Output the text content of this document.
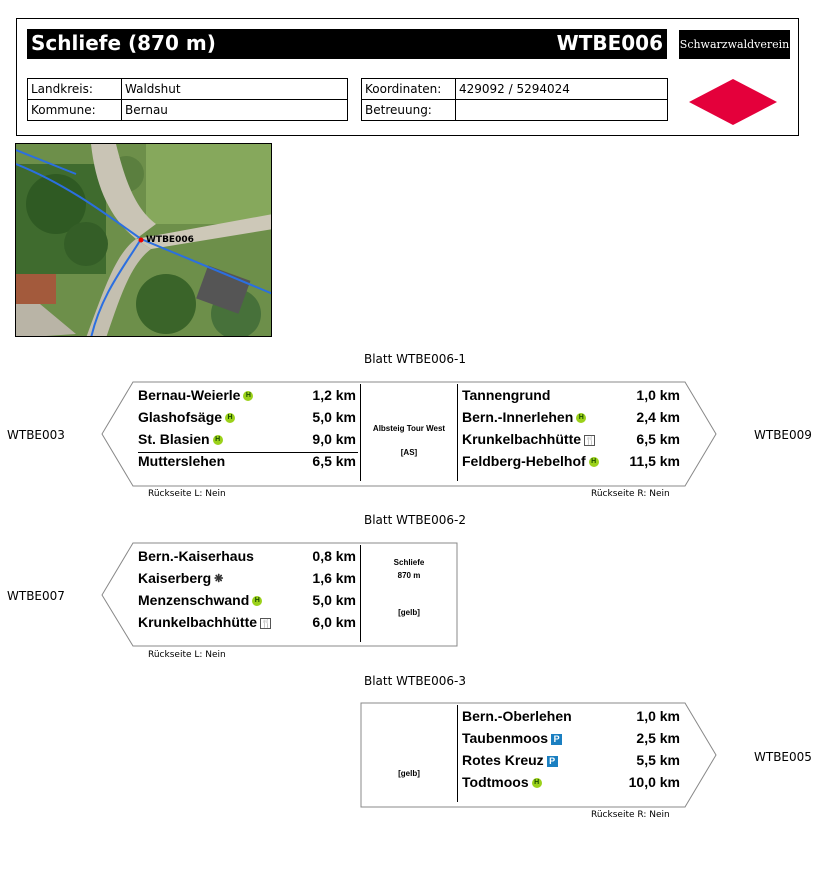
Schliefe (870 m)	WTBE006 Schwarzwaldverein
Landkreis:	Waldshut
Kommune:	Bernau
Koordinaten:	429092 / 5294024
Betreuung:	
WTBE006
Blatt WTBE006-1
WTBE003	WTBE009
Bernau-Weierle H	1,2 km
Glashofsäge H	5,0 km
St. Blasien H	9,0 km
Mutterslehen	6,5 km
Albsteig Tour West
[AS]
Tannengrund	1,0 km
Bern.-Innerlehen H	2,4 km
Krunkelbachhütte 🍴	6,5 km
Feldberg-Hebelhof H	11,5 km
Rückseite L: Nein	Rückseite R: Nein
Blatt WTBE006-2
WTBE007
Bern.-Kaiserhaus	0,8 km
Kaiserberg ❋	1,6 km
Menzenschwand H	5,0 km
Krunkelbachhütte 🍴	6,0 km
Schliefe
870 m
[gelb]
Rückseite L: Nein
Blatt WTBE006-3
WTBE005
[gelb]
Bern.-Oberlehen	1,0 km
Taubenmoos P	2,5 km
Rotes Kreuz P	5,5 km
Todtmoos H	10,0 km
Rückseite R: Nein
